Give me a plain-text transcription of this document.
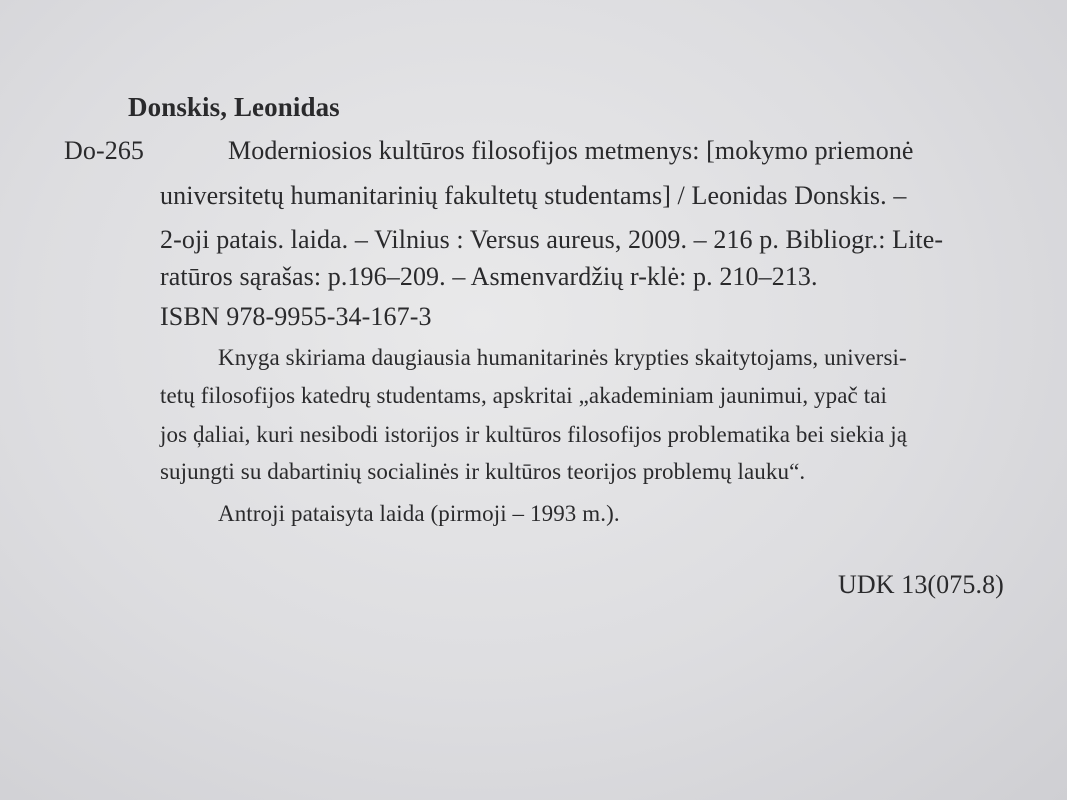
Donskis, Leonidas
Do-265	Moderniosios kultūros filosofijos metmenys: [mokymo priemonė
universitetų humanitarinių fakultetų studentams] / Leonidas Donskis. –
2-oji patais. laida. – Vilnius : Versus aureus, 2009. – 216 p. Bibliogr.: Lite-
ratūros sąrašas: p.196–209. – Asmenvardžių r-klė: p. 210–213.
ISBN 978-9955-34-167-3
Knyga skiriama daugiausia humanitarinės krypties skaitytojams, universi-
tetų filosofijos katedrų studentams, apskritai „akademiniam jaunimui, ypač tai
jos ḑaliai, kuri nesibodi istorijos ir kultūros filosofijos problematika bei siekia ją
sujungti su dabartinių socialinės ir kultūros teorijos problemų lauku“.
Antroji pataisyta laida (pirmoji – 1993 m.).
UDK 13(075.8)
